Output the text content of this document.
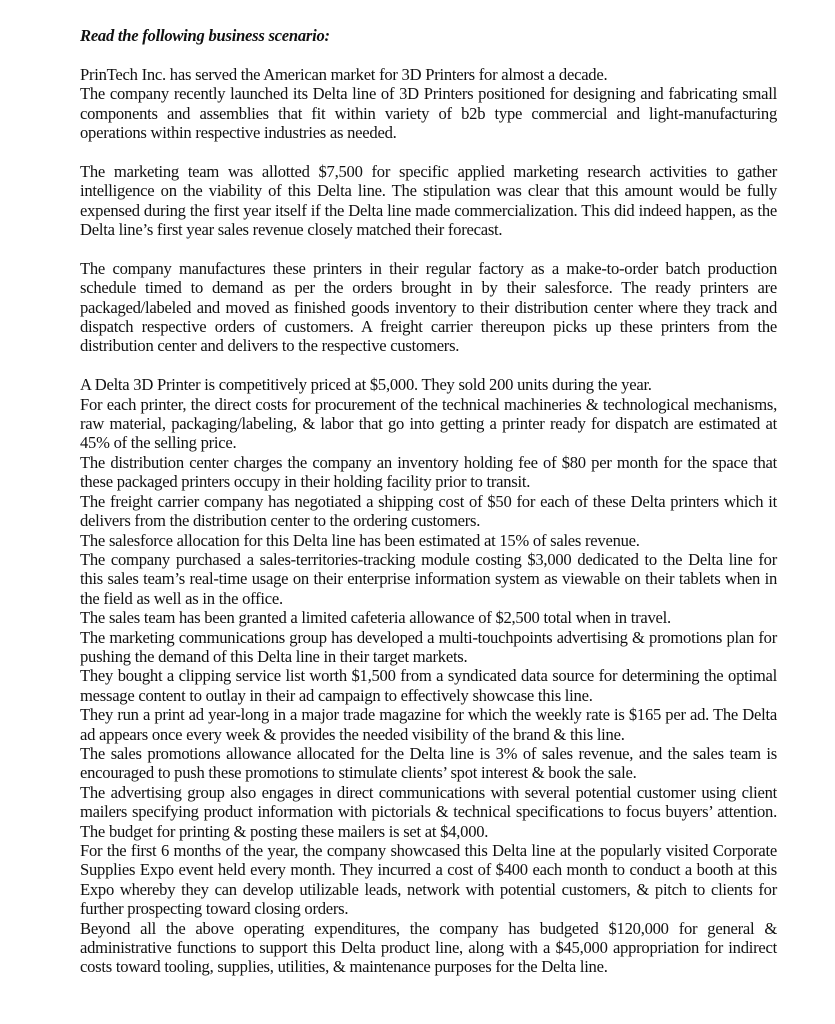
Read the following business scenario:
PrinTech Inc. has served the American market for 3D Printers for almost a decade.
The company recently launched its Delta line of 3D Printers positioned for designing and fabricating small components and assemblies that fit within variety of b2b type commercial and light-manufacturing operations within respective industries as needed.
The marketing team was allotted $7,500 for specific applied marketing research activities to gather intelligence on the viability of this Delta line. The stipulation was clear that this amount would be fully expensed during the first year itself if the Delta line made commercialization. This did indeed happen, as the Delta line’s first year sales revenue closely matched their forecast.
The company manufactures these printers in their regular factory as a make-to-order batch production schedule timed to demand as per the orders brought in by their salesforce. The ready printers are packaged/labeled and moved as finished goods inventory to their distribution center where they track and dispatch respective orders of customers. A freight carrier thereupon picks up these printers from the distribution center and delivers to the respective customers.
A Delta 3D Printer is competitively priced at $5,000. They sold 200 units during the year.
For each printer, the direct costs for procurement of the technical machineries & technological mechanisms, raw material, packaging/labeling, & labor that go into getting a printer ready for dispatch are estimated at 45% of the selling price.
The distribution center charges the company an inventory holding fee of $80 per month for the space that these packaged printers occupy in their holding facility prior to transit.
The freight carrier company has negotiated a shipping cost of $50 for each of these Delta printers which it delivers from the distribution center to the ordering customers.
The salesforce allocation for this Delta line has been estimated at 15% of sales revenue.
The company purchased a sales-territories-tracking module costing $3,000 dedicated to the Delta line for this sales team’s real-time usage on their enterprise information system as viewable on their tablets when in the field as well as in the office.
The sales team has been granted a limited cafeteria allowance of $2,500 total when in travel.
The marketing communications group has developed a multi-touchpoints advertising & promotions plan for pushing the demand of this Delta line in their target markets.
They bought a clipping service list worth $1,500 from a syndicated data source for determining the optimal message content to outlay in their ad campaign to effectively showcase this line.
They run a print ad year-long in a major trade magazine for which the weekly rate is $165 per ad. The Delta ad appears once every week & provides the needed visibility of the brand & this line.
The sales promotions allowance allocated for the Delta line is 3% of sales revenue, and the sales team is encouraged to push these promotions to stimulate clients’ spot interest & book the sale.
The advertising group also engages in direct communications with several potential customer using client mailers specifying product information with pictorials & technical specifications to focus buyers’ attention. The budget for printing & posting these mailers is set at $4,000.
For the first 6 months of the year, the company showcased this Delta line at the popularly visited Corporate Supplies Expo event held every month. They incurred a cost of $400 each month to conduct a booth at this Expo whereby they can develop utilizable leads, network with potential customers, & pitch to clients for further prospecting toward closing orders.
Beyond all the above operating expenditures, the company has budgeted $120,000 for general & administrative functions to support this Delta product line, along with a $45,000 appropriation for indirect costs toward tooling, supplies, utilities, & maintenance purposes for the Delta line.
